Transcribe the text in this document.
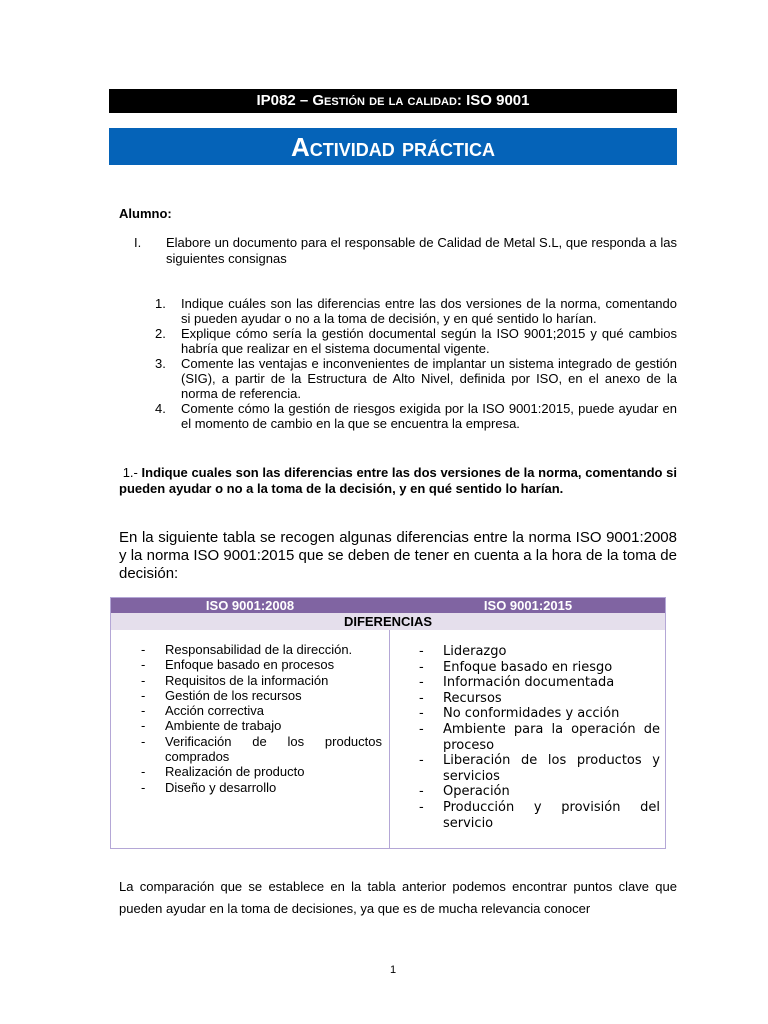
IP082 – Gestión de la calidad: ISO 9001
Actividad práctica
Alumno:
I. Elabore un documento para el responsable de Calidad de Metal S.L, que responda a las siguientes consignas
1. Indique cuáles son las diferencias entre las dos versiones de la norma, comentando si pueden ayudar o no a la toma de decisión, y en qué sentido lo harían.
2. Explique cómo sería la gestión documental según la ISO 9001;2015 y qué cambios habría que realizar en el sistema documental vigente.
3. Comente las ventajas e inconvenientes de implantar un sistema integrado de gestión (SIG), a partir de la Estructura de Alto Nivel, definida por ISO, en el anexo de la norma de referencia.
4. Comente cómo la gestión de riesgos exigida por la ISO 9001:2015, puede ayudar en el momento de cambio en la que se encuentra la empresa.
1.- Indique cuales son las diferencias entre las dos versiones de la norma, comentando si pueden ayudar o no a la toma de la decisión, y en qué sentido lo harían.
En la siguiente tabla se recogen algunas diferencias entre la norma ISO 9001:2008 y la norma ISO 9001:2015 que se deben de tener en cuenta a la hora de la toma de decisión:
ISO 9001:2008	ISO 9001:2015
DIFERENCIAS
- Responsabilidad de la dirección.
- Enfoque basado en procesos
- Requisitos de la información
- Gestión de los recursos
- Acción correctiva
- Ambiente de trabajo
- Verificación de los productos comprados
- Realización de producto
- Diseño y desarrollo
- Liderazgo
- Enfoque basado en riesgo
- Información documentada
- Recursos
- No conformidades y acción
- Ambiente para la operación de proceso
- Liberación de los productos y servicios
- Operación
- Producción y provisión del servicio
La comparación que se establece en la tabla anterior podemos encontrar puntos clave que pueden ayudar en la toma de decisiones, ya que es de mucha relevancia conocer
1
